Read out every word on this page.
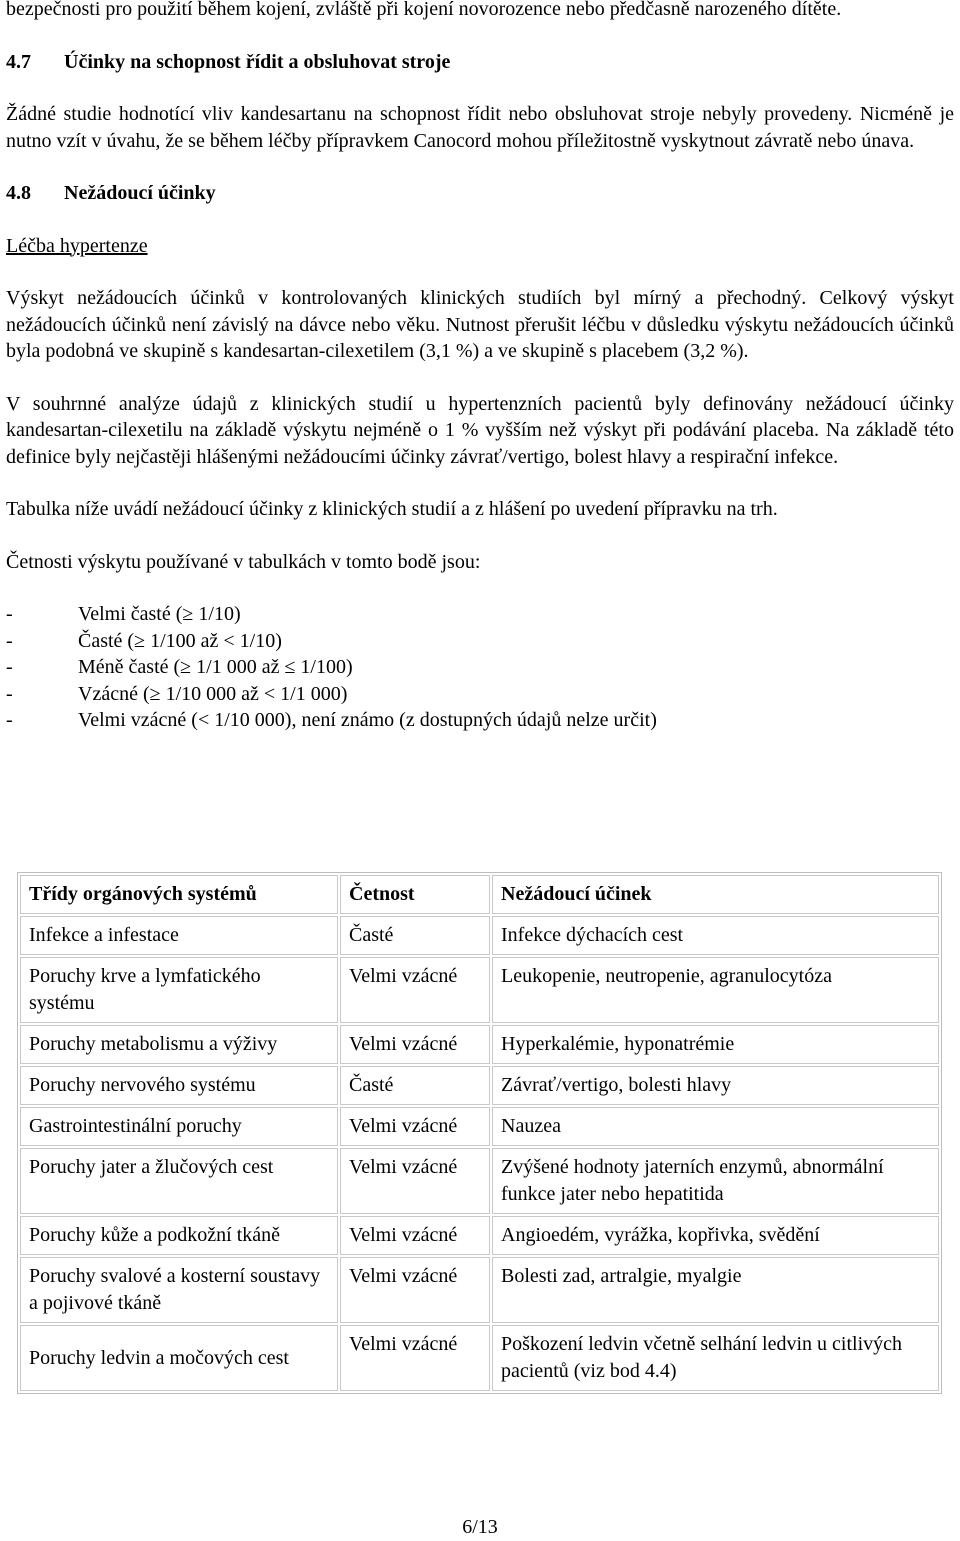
bezpečnosti pro použití během kojení, zvláště při kojení novorozence nebo předčasně narozeného dítěte.

4.7 Účinky na schopnost řídit a obsluhovat stroje

Žádné studie hodnotící vliv kandesartanu na schopnost řídit nebo obsluhovat stroje nebyly provedeny. Nicméně je nutno vzít v úvahu, že se během léčby přípravkem Canocord mohou příležitostně vyskytnout závratě nebo únava.

4.8 Nežádoucí účinky

Léčba hypertenze

Výskyt nežádoucích účinků v kontrolovaných klinických studiích byl mírný a přechodný. Celkový výskyt nežádoucích účinků není závislý na dávce nebo věku. Nutnost přerušit léčbu v důsledku výskytu nežádoucích účinků byla podobná ve skupině s kandesartan-cilexetilem (3,1 %) a ve skupině s placebem (3,2 %).

V souhrnné analýze údajů z klinických studií u hypertenzních pacientů byly definovány nežádoucí účinky kandesartan-cilexetilu na základě výskytu nejméně o 1 % vyšším než výskyt při podávání placeba. Na základě této definice byly nejčastěji hlášenými nežádoucími účinky závrať/vertigo, bolest hlavy a respirační infekce.

Tabulka níže uvádí nežádoucí účinky z klinických studií a z hlášení po uvedení přípravku na trh.

Četnosti výskytu používané v tabulkách v tomto bodě jsou:

-	Velmi časté (≥ 1/10)
-	Časté (≥ 1/100 až < 1/10)
-	Méně časté (≥ 1/1 000 až ≤ 1/100)
-	Vzácné (≥ 1/10 000 až < 1/1 000)
-	Velmi vzácné (< 1/10 000), není známo (z dostupných údajů nelze určit)
Třídy orgánových systémů	Četnost	Nežádoucí účinek
Infekce a infestace	Časté	Infekce dýchacích cest
Poruchy krve a lymfatického systému	Velmi vzácné	Leukopenie, neutropenie, agranulocytóza
Poruchy metabolismu a výživy	Velmi vzácné	Hyperkalémie, hyponatrémie
Poruchy nervového systému	Časté	Závrať/vertigo, bolesti hlavy
Gastrointestinální poruchy	Velmi vzácné	Nauzea
Poruchy jater a žlučových cest	Velmi vzácné	Zvýšené hodnoty jaterních enzymů, abnormální funkce jater nebo hepatitida
Poruchy kůže a podkožní tkáně	Velmi vzácné	Angioedém, vyrážka, kopřivka, svědění
Poruchy svalové a kosterní soustavy a pojivové tkáně	Velmi vzácné	Bolesti zad, artralgie, myalgie
Poruchy ledvin a močových cest	Velmi vzácné	Poškození ledvin včetně selhání ledvin u citlivých pacientů (viz bod 4.4)
6/13
